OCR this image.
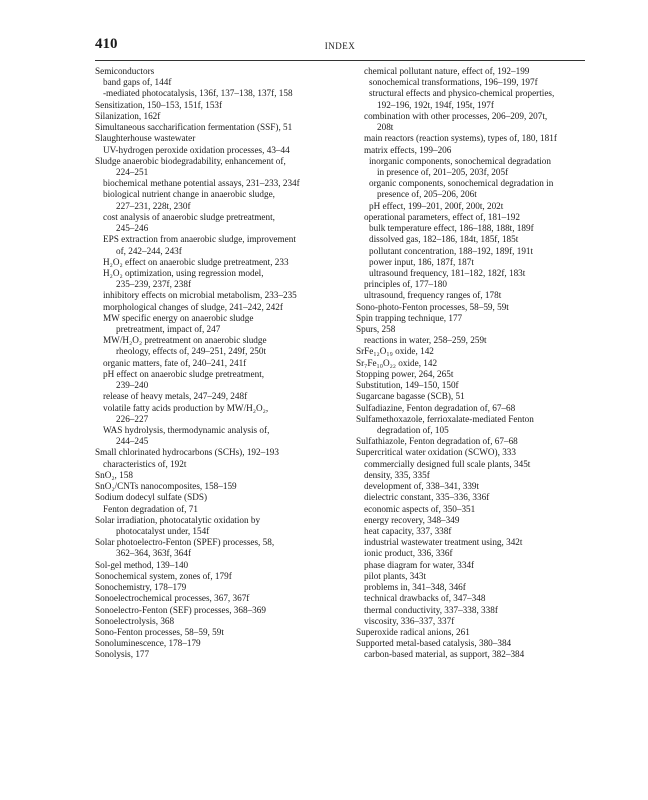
410	INDEX
Semiconductors
band gaps of, 144f
-mediated photocatalysis, 136f, 137–138, 137f, 158
Sensitization, 150–153, 151f, 153f
Silanization, 162f
Simultaneous saccharification fermentation (SSF), 51
Slaughterhouse wastewater
UV-hydrogen peroxide oxidation processes, 43–44
Sludge anaerobic biodegradability, enhancement of,
224–251
biochemical methane potential assays, 231–233, 234f
biological nutrient change in anaerobic sludge,
227–231, 228t, 230f
cost analysis of anaerobic sludge pretreatment,
245–246
EPS extraction from anaerobic sludge, improvement
of, 242–244, 243f
H₂O₂ effect on anaerobic sludge pretreatment, 233
H₂O₂ optimization, using regression model,
235–239, 237f, 238f
inhibitory effects on microbial metabolism, 233–235
morphological changes of sludge, 241–242, 242f
MW specific energy on anaerobic sludge
pretreatment, impact of, 247
MW/H₂O₂ pretreatment on anaerobic sludge
rheology, effects of, 249–251, 249f, 250t
organic matters, fate of, 240–241, 241f
pH effect on anaerobic sludge pretreatment,
239–240
release of heavy metals, 247–249, 248f
volatile fatty acids production by MW/H₂O₂,
226–227
WAS hydrolysis, thermodynamic analysis of,
244–245
Small chlorinated hydrocarbons (SCHs), 192–193
characteristics of, 192t
SnO₂, 158
SnO₂/CNTs nanocomposites, 158–159
Sodium dodecyl sulfate (SDS)
Fenton degradation of, 71
Solar irradiation, photocatalytic oxidation by
photocatalyst under, 154f
Solar photoelectro-Fenton (SPEF) processes, 58,
362–364, 363f, 364f
Sol-gel method, 139–140
Sonochemical system, zones of, 179f
Sonochemistry, 178–179
Sonoelectrochemical processes, 367, 367f
Sonoelectro-Fenton (SEF) processes, 368–369
Sonoelectrolysis, 368
Sono-Fenton processes, 58–59, 59t
Sonoluminescence, 178–179
Sonolysis, 177
chemical pollutant nature, effect of, 192–199
sonochemical transformations, 196–199, 197f
structural effects and physico-chemical properties,
192–196, 192t, 194f, 195t, 197f
combination with other processes, 206–209, 207t,
208t
main reactors (reaction systems), types of, 180, 181f
matrix effects, 199–206
inorganic components, sonochemical degradation
in presence of, 201–205, 203f, 205f
organic components, sonochemical degradation in
presence of, 205–206, 206t
pH effect, 199–201, 200f, 200t, 202t
operational parameters, effect of, 181–192
bulk temperature effect, 186–188, 188t, 189f
dissolved gas, 182–186, 184t, 185f, 185t
pollutant concentration, 188–192, 189f, 191t
power input, 186, 187f, 187t
ultrasound frequency, 181–182, 182f, 183t
principles of, 177–180
ultrasound, frequency ranges of, 178t
Sono-photo-Fenton processes, 58–59, 59t
Spin trapping technique, 177
Spurs, 258
reactions in water, 258–259, 259t
SrFe₁₂O₁₉ oxide, 142
Sr₇Fe₁₀O₂₂ oxide, 142
Stopping power, 264, 265t
Substitution, 149–150, 150f
Sugarcane bagasse (SCB), 51
Sulfadiazine, Fenton degradation of, 67–68
Sulfamethoxazole, ferrioxalate-mediated Fenton
degradation of, 105
Sulfathiazole, Fenton degradation of, 67–68
Supercritical water oxidation (SCWO), 333
commercially designed full scale plants, 345t
density, 335, 335f
development of, 338–341, 339t
dielectric constant, 335–336, 336f
economic aspects of, 350–351
energy recovery, 348–349
heat capacity, 337, 338f
industrial wastewater treatment using, 342t
ionic product, 336, 336f
phase diagram for water, 334f
pilot plants, 343t
problems in, 341–348, 346f
technical drawbacks of, 347–348
thermal conductivity, 337–338, 338f
viscosity, 336–337, 337f
Superoxide radical anions, 261
Supported metal-based catalysis, 380–384
carbon-based material, as support, 382–384
